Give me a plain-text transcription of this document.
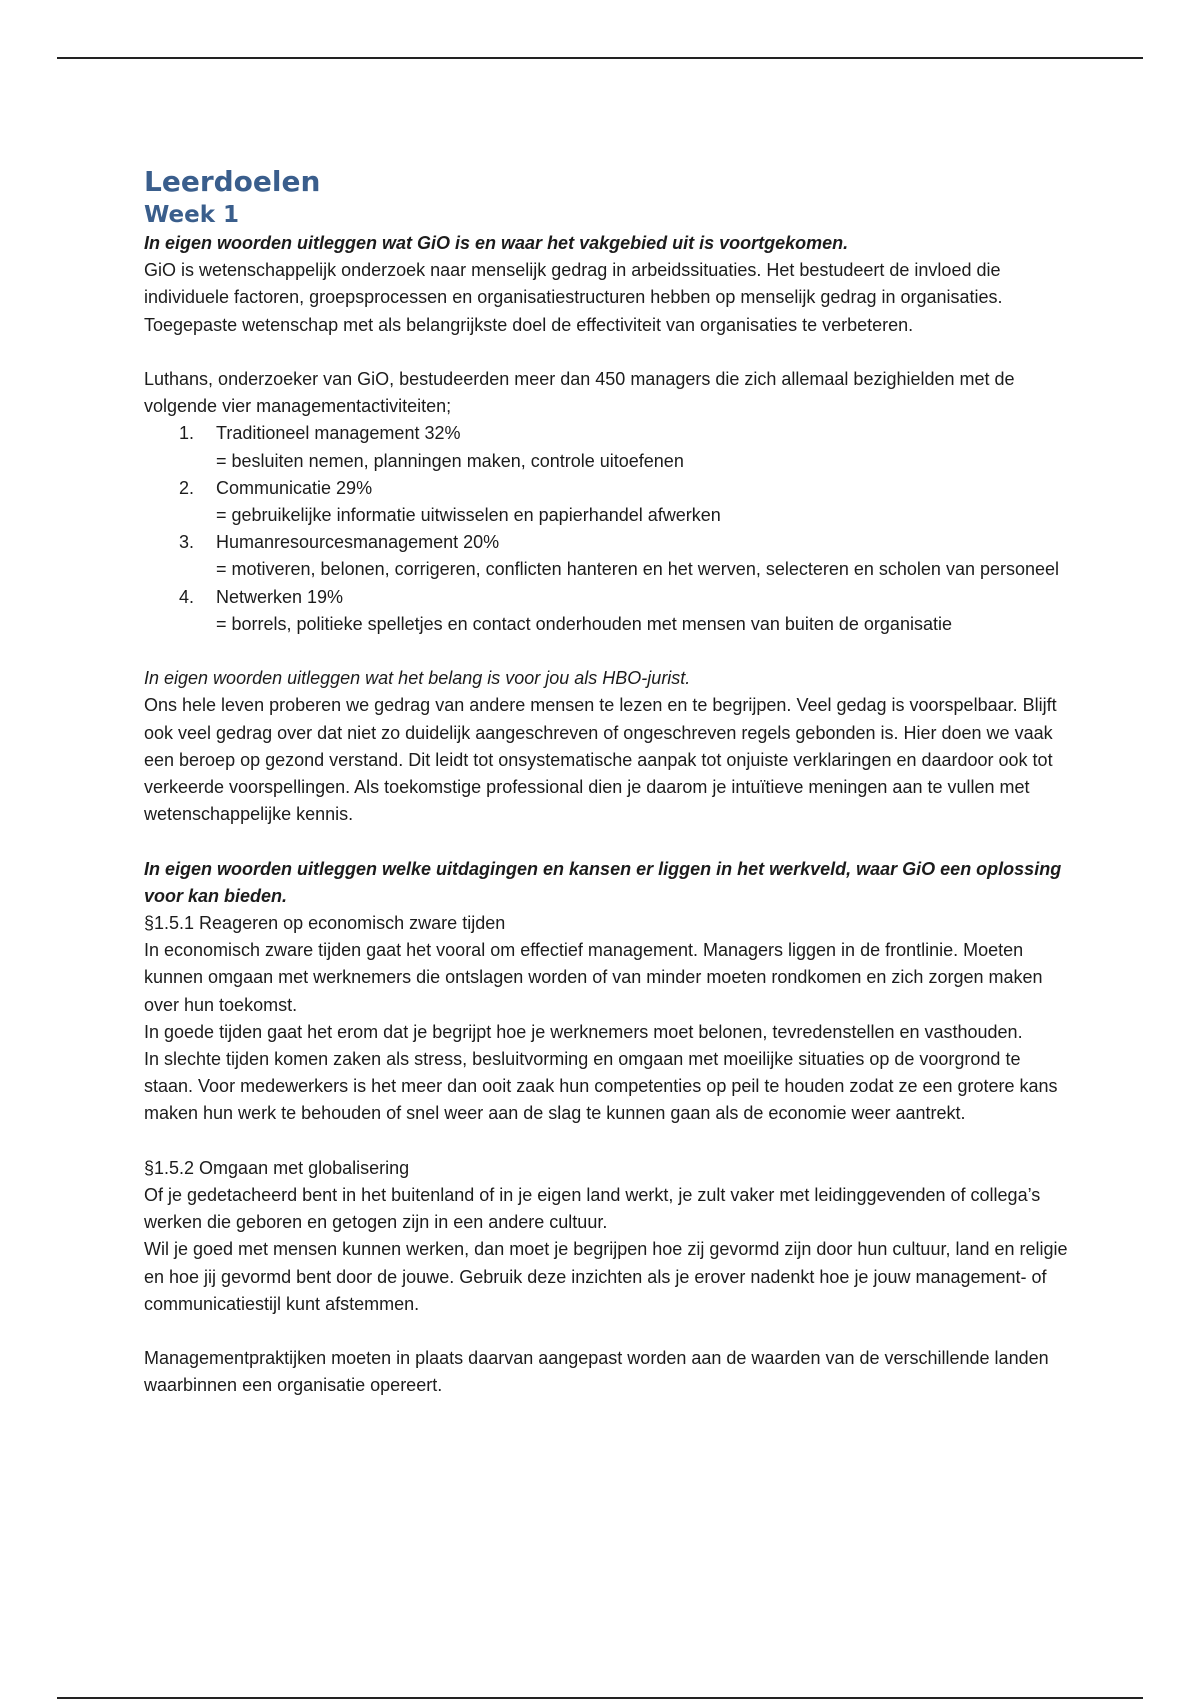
Leerdoelen
Week 1

In eigen woorden uitleggen wat GiO is en waar het vakgebied uit is voortgekomen.

GiO is wetenschappelijk onderzoek naar menselijk gedrag in arbeidssituaties. Het bestudeert de invloed die individuele factoren, groepsprocessen en organisatiestructuren hebben op menselijk gedrag in organisaties. Toegepaste wetenschap met als belangrijkste doel de effectiviteit van organisaties te verbeteren.

Luthans, onderzoeker van GiO, bestudeerden meer dan 450 managers die zich allemaal bezighielden met de volgende vier managementactiviteiten;

1. Traditioneel management 32%
= besluiten nemen, planningen maken, controle uitoefenen
2. Communicatie 29%
= gebruikelijke informatie uitwisselen en papierhandel afwerken
3. Humanresourcesmanagement 20%
= motiveren, belonen, corrigeren, conflicten hanteren en het werven, selecteren en scholen van personeel
4. Netwerken 19%
= borrels, politieke spelletjes en contact onderhouden met mensen van buiten de organisatie

In eigen woorden uitleggen wat het belang is voor jou als HBO-jurist.

Ons hele leven proberen we gedrag van andere mensen te lezen en te begrijpen. Veel gedag is voorspelbaar. Blijft ook veel gedrag over dat niet zo duidelijk aangeschreven of ongeschreven regels gebonden is. Hier doen we vaak een beroep op gezond verstand. Dit leidt tot onsystematische aanpak tot onjuiste verklaringen en daardoor ook tot verkeerde voorspellingen. Als toekomstige professional dien je daarom je intuïtieve meningen aan te vullen met wetenschappelijke kennis.

In eigen woorden uitleggen welke uitdagingen en kansen er liggen in het werkveld, waar GiO een oplossing voor kan bieden.

§1.5.1 Reageren op economisch zware tijden

In economisch zware tijden gaat het vooral om effectief management. Managers liggen in de frontlinie. Moeten kunnen omgaan met werknemers die ontslagen worden of van minder moeten rondkomen en zich zorgen maken over hun toekomst.

In goede tijden gaat het erom dat je begrijpt hoe je werknemers moet belonen, tevredenstellen en vasthouden.

In slechte tijden komen zaken als stress, besluitvorming en omgaan met moeilijke situaties op de voorgrond te staan. Voor medewerkers is het meer dan ooit zaak hun competenties op peil te houden zodat ze een grotere kans maken hun werk te behouden of snel weer aan de slag te kunnen gaan als de economie weer aantrekt.

§1.5.2 Omgaan met globalisering

Of je gedetacheerd bent in het buitenland of in je eigen land werkt, je zult vaker met leidinggevenden of collega’s werken die geboren en getogen zijn in een andere cultuur.

Wil je goed met mensen kunnen werken, dan moet je begrijpen hoe zij gevormd zijn door hun cultuur, land en religie en hoe jij gevormd bent door de jouwe. Gebruik deze inzichten als je erover nadenkt hoe je jouw management- of communicatiestijl kunt afstemmen.

Managementpraktijken moeten in plaats daarvan aangepast worden aan de waarden van de verschillende landen waarbinnen een organisatie opereert.
